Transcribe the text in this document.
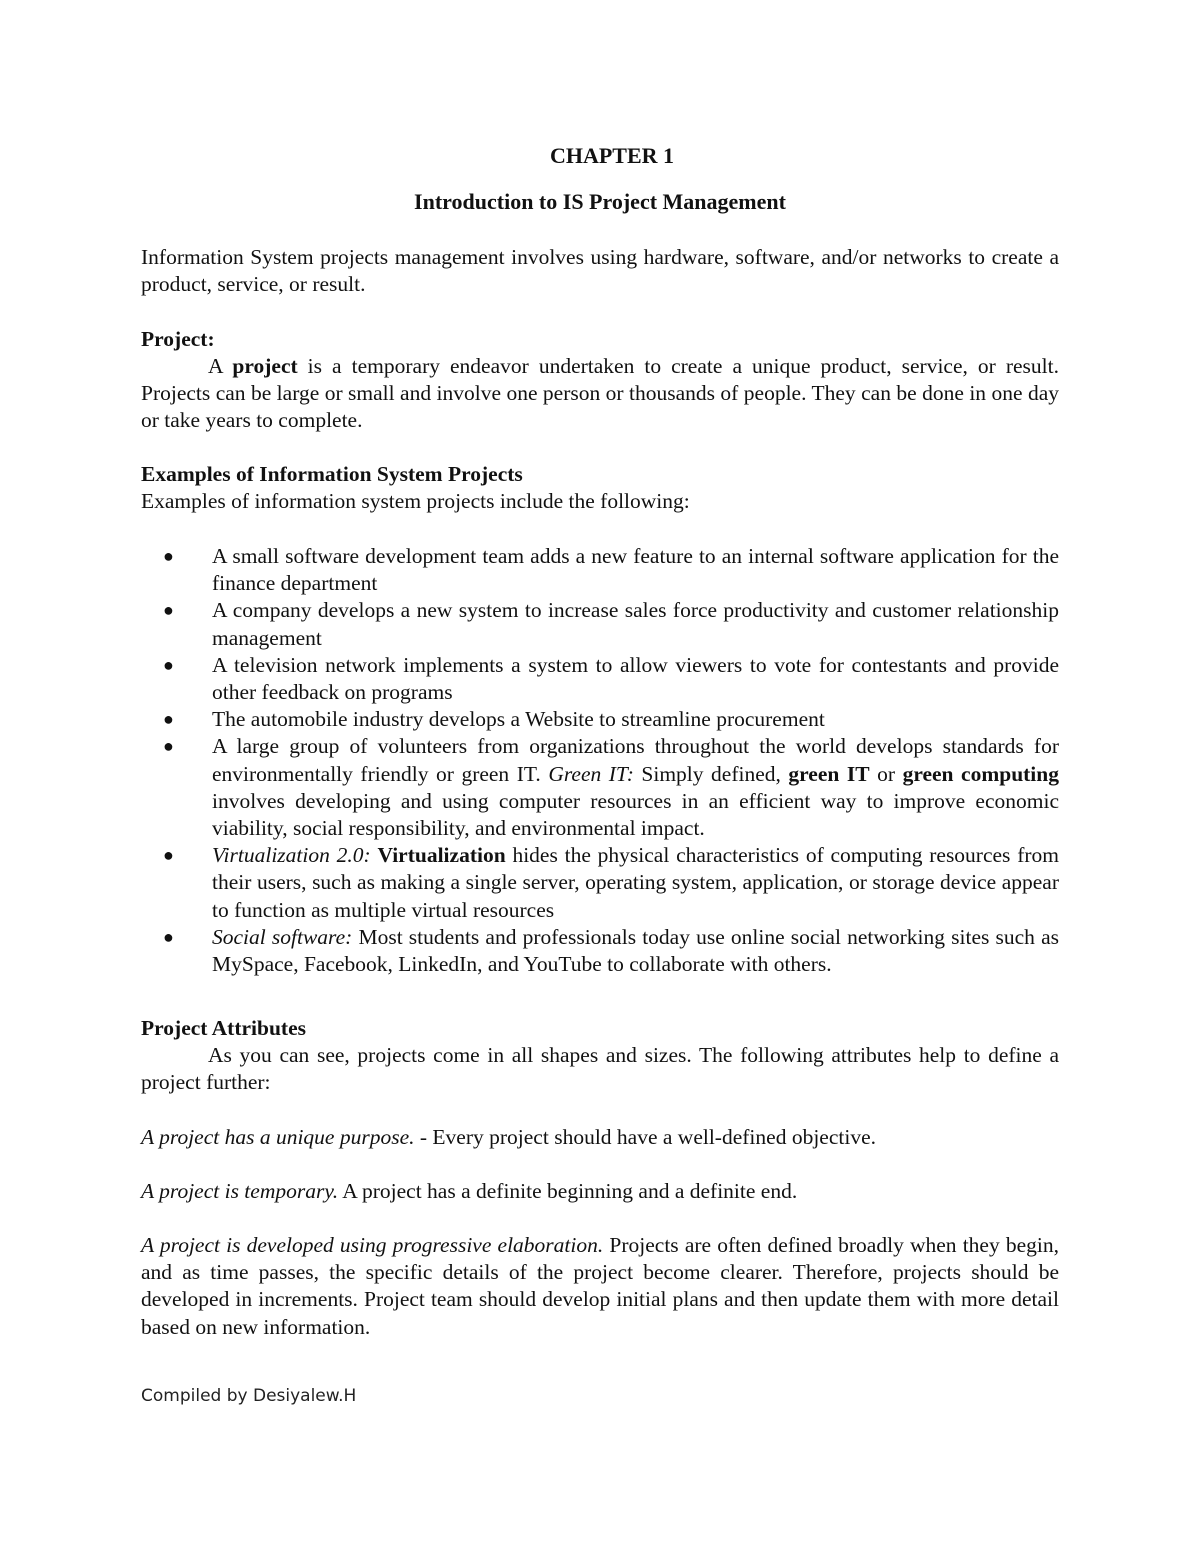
CHAPTER 1
Introduction to IS Project Management
Information System projects management involves using hardware, software, and/or networks to create a product, service, or result.
Project:
A project is a temporary endeavor undertaken to create a unique product, service, or result. Projects can be large or small and involve one person or thousands of people. They can be done in one day or take years to complete.
Examples of Information System Projects
Examples of information system projects include the following:
● A small software development team adds a new feature to an internal software application for the finance department
● A company develops a new system to increase sales force productivity and customer relationship management
● A television network implements a system to allow viewers to vote for contestants and provide other feedback on programs
● The automobile industry develops a Website to streamline procurement
● A large group of volunteers from organizations throughout the world develops standards for environmentally friendly or green IT. Green IT: Simply defined, green IT or green computing involves developing and using computer resources in an efficient way to improve economic viability, social responsibility, and environmental impact.
● Virtualization 2.0: Virtualization hides the physical characteristics of computing resources from their users, such as making a single server, operating system, application, or storage device appear to function as multiple virtual resources
● Social software: Most students and professionals today use online social networking sites such as MySpace, Facebook, LinkedIn, and YouTube to collaborate with others.
Project Attributes
As you can see, projects come in all shapes and sizes. The following attributes help to define a project further:
A project has a unique purpose. - Every project should have a well-defined objective.
A project is temporary. A project has a definite beginning and a definite end.
A project is developed using progressive elaboration. Projects are often defined broadly when they begin, and as time passes, the specific details of the project become clearer. Therefore, projects should be developed in increments. Project team should develop initial plans and then update them with more detail based on new information.
Compiled by Desiyalew.H
